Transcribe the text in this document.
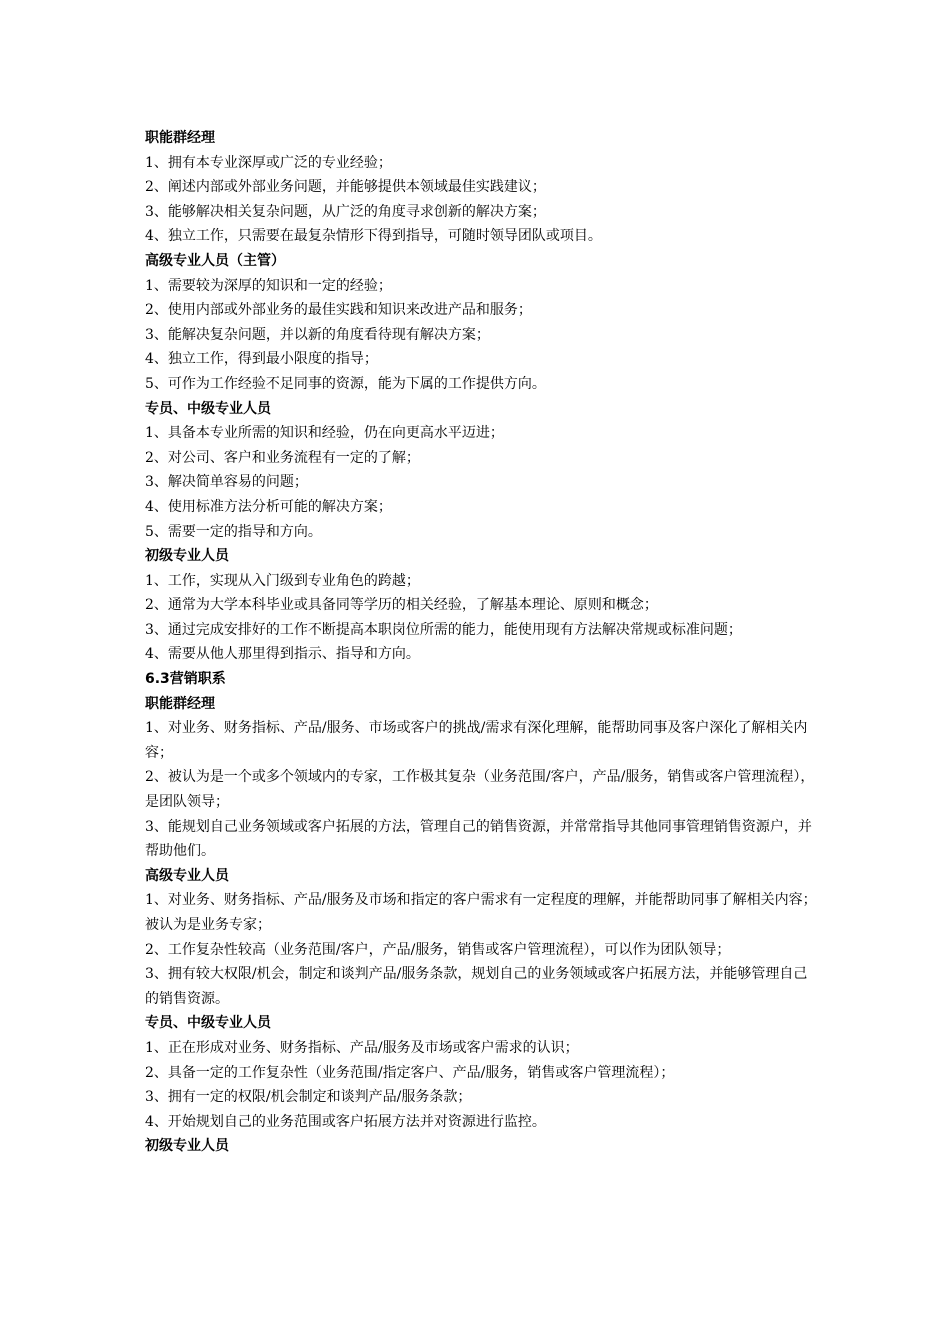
职能群经理

1、拥有本专业深厚或广泛的专业经验；

2、阐述内部或外部业务问题，并能够提供本领域最佳实践建议；

3、能够解决相关复杂问题，从广泛的角度寻求创新的解决方案；

4、独立工作，只需要在最复杂情形下得到指导，可随时领导团队或项目。

高级专业人员（主管）

1、需要较为深厚的知识和一定的经验；

2、使用内部或外部业务的最佳实践和知识来改进产品和服务；

3、能解决复杂问题，并以新的角度看待现有解决方案；

4、独立工作，得到最小限度的指导；

5、可作为工作经验不足同事的资源，能为下属的工作提供方向。

专员、中级专业人员

1、具备本专业所需的知识和经验，仍在向更高水平迈进；

2、对公司、客户和业务流程有一定的了解；

3、解决简单容易的问题；

4、使用标准方法分析可能的解决方案；

5、需要一定的指导和方向。

初级专业人员

1、工作，实现从入门级到专业角色的跨越；

2、通常为大学本科毕业或具备同等学历的相关经验，了解基本理论、原则和概念；

3、通过完成安排好的工作不断提高本职岗位所需的能力，能使用现有方法解决常规或标准问题；

4、需要从他人那里得到指示、指导和方向。

6.3营销职系

职能群经理

1、对业务、财务指标、产品/服务、市场或客户的挑战/需求有深化理解，能帮助同事及客户深化了解相关内容；

2、被认为是一个或多个领域内的专家，工作极其复杂（业务范围/客户，产品/服务，销售或客户管理流程），是团队领导；

3、能规划自己业务领域或客户拓展的方法，管理自己的销售资源，并常常指导其他同事管理销售资源户，并帮助他们。

高级专业人员

1、对业务、财务指标、产品/服务及市场和指定的客户需求有一定程度的理解，并能帮助同事了解相关内容；被认为是业务专家；

2、工作复杂性较高（业务范围/客户，产品/服务，销售或客户管理流程），可以作为团队领导；

3、拥有较大权限/机会，制定和谈判产品/服务条款，规划自己的业务领域或客户拓展方法，并能够管理自己的销售资源。

专员、中级专业人员

1、正在形成对业务、财务指标、产品/服务及市场或客户需求的认识；

2、具备一定的工作复杂性（业务范围/指定客户、产品/服务，销售或客户管理流程）；

3、拥有一定的权限/机会制定和谈判产品/服务条款；

4、开始规划自己的业务范围或客户拓展方法并对资源进行监控。

初级专业人员
